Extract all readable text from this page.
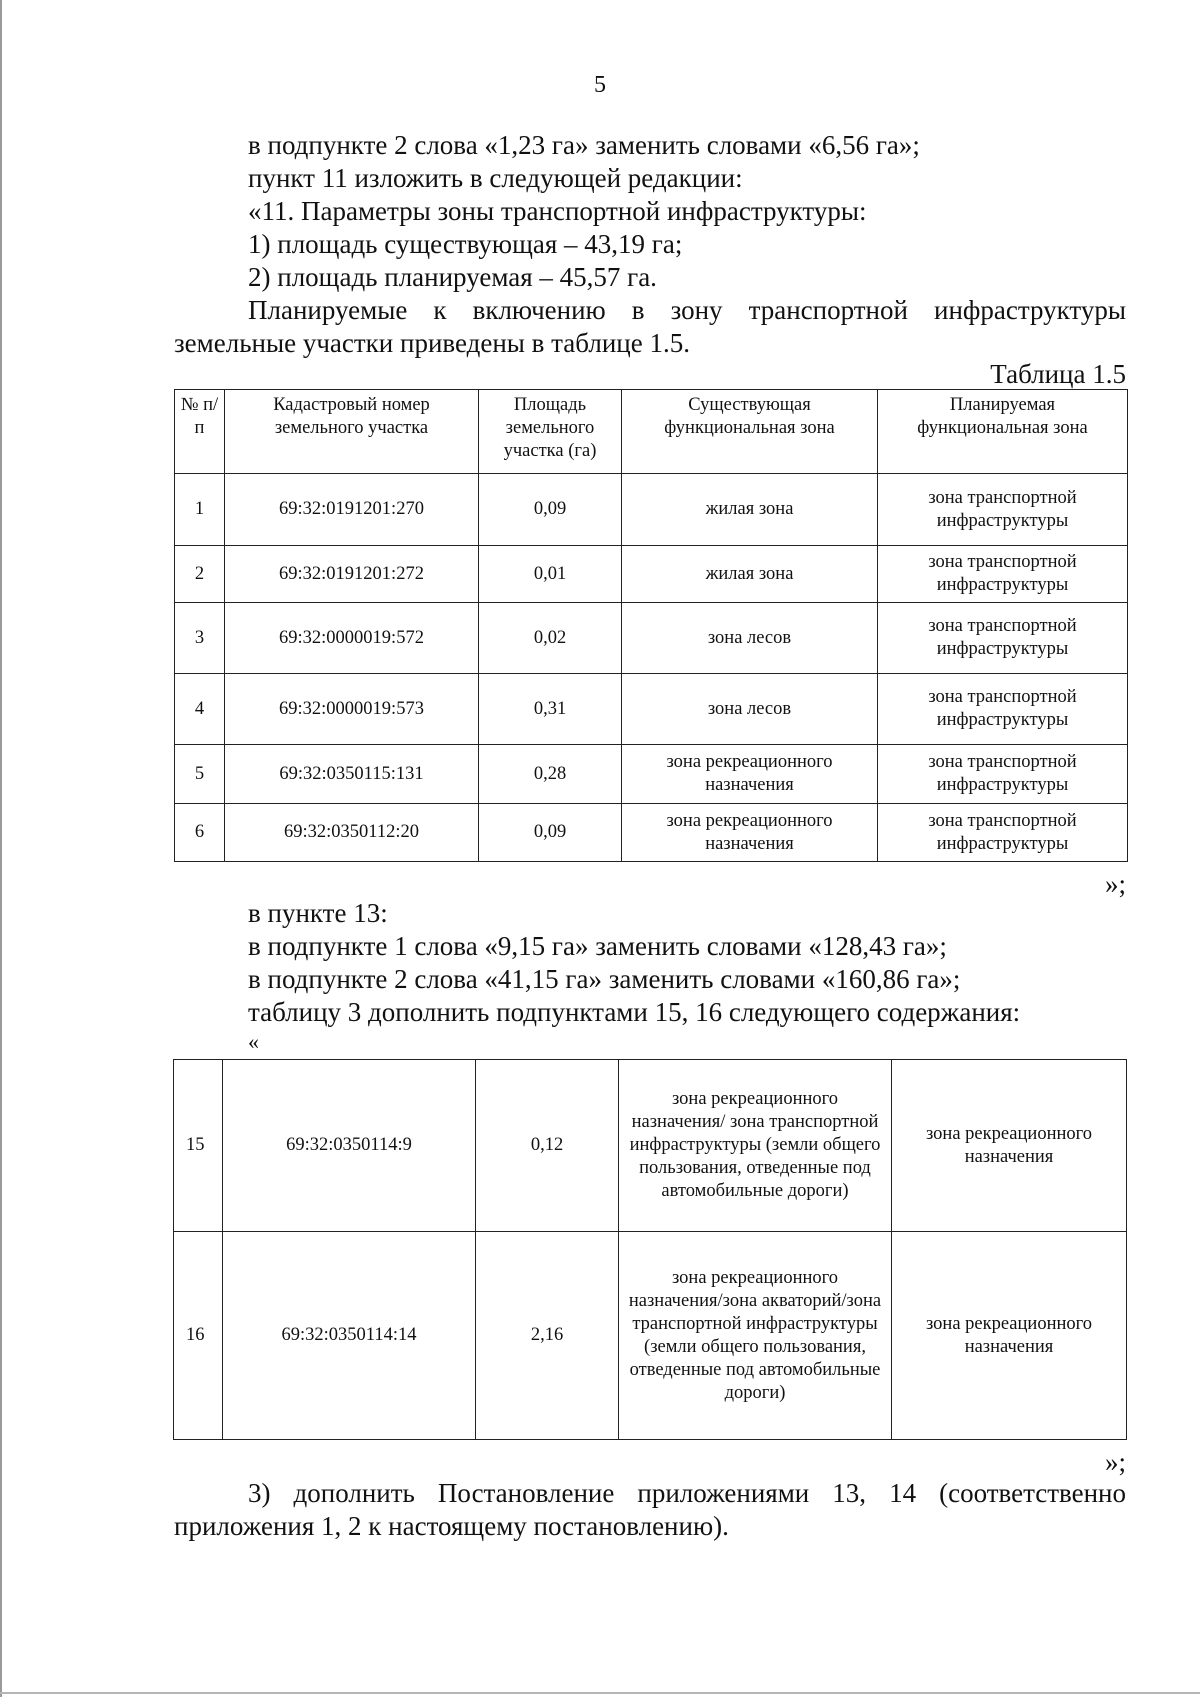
5
в подпункте 2 слова «1,23 га» заменить словами «6,56 га»;
пункт 11 изложить в следующей редакции:
«11. Параметры зоны транспортной инфраструктуры:
1) площадь существующая – 43,19 га;
2) площадь планируемая – 45,57 га.
Планируемые к включению в зону транспортной инфраструктуры земельные участки приведены в таблице 1.5.
Таблица 1.5
№ п/п	Кадастровый номер земельного участка	Площадь земельного участка (га)	Существующая функциональная зона	Планируемая функциональная зона
1	69:32:0191201:270	0,09	жилая зона	зона транспортной инфраструктуры
2	69:32:0191201:272	0,01	жилая зона	зона транспортной инфраструктуры
3	69:32:0000019:572	0,02	зона лесов	зона транспортной инфраструктуры
4	69:32:0000019:573	0,31	зона лесов	зона транспортной инфраструктуры
5	69:32:0350115:131	0,28	зона рекреационного назначения	зона транспортной инфраструктуры
6	69:32:0350112:20	0,09	зона рекреационного назначения	зона транспортной инфраструктуры
»;
в пункте 13:
в подпункте 1 слова «9,15 га» заменить словами «128,43 га»;
в подпункте 2 слова «41,15 га» заменить словами «160,86 га»;
таблицу 3 дополнить подпунктами 15, 16 следующего содержания:
«
15	69:32:0350114:9	0,12	зона рекреационного назначения/ зона транспортной инфраструктуры (земли общего пользования, отведенные под автомобильные дороги)	зона рекреационного назначения
16	69:32:0350114:14	2,16	зона рекреационного назначения/зона акваторий/зона транспортной инфраструктуры (земли общего пользования, отведенные под автомобильные дороги)	зона рекреационного назначения
»;
3) дополнить Постановление приложениями 13, 14 (соответственно приложения 1, 2 к настоящему постановлению).
